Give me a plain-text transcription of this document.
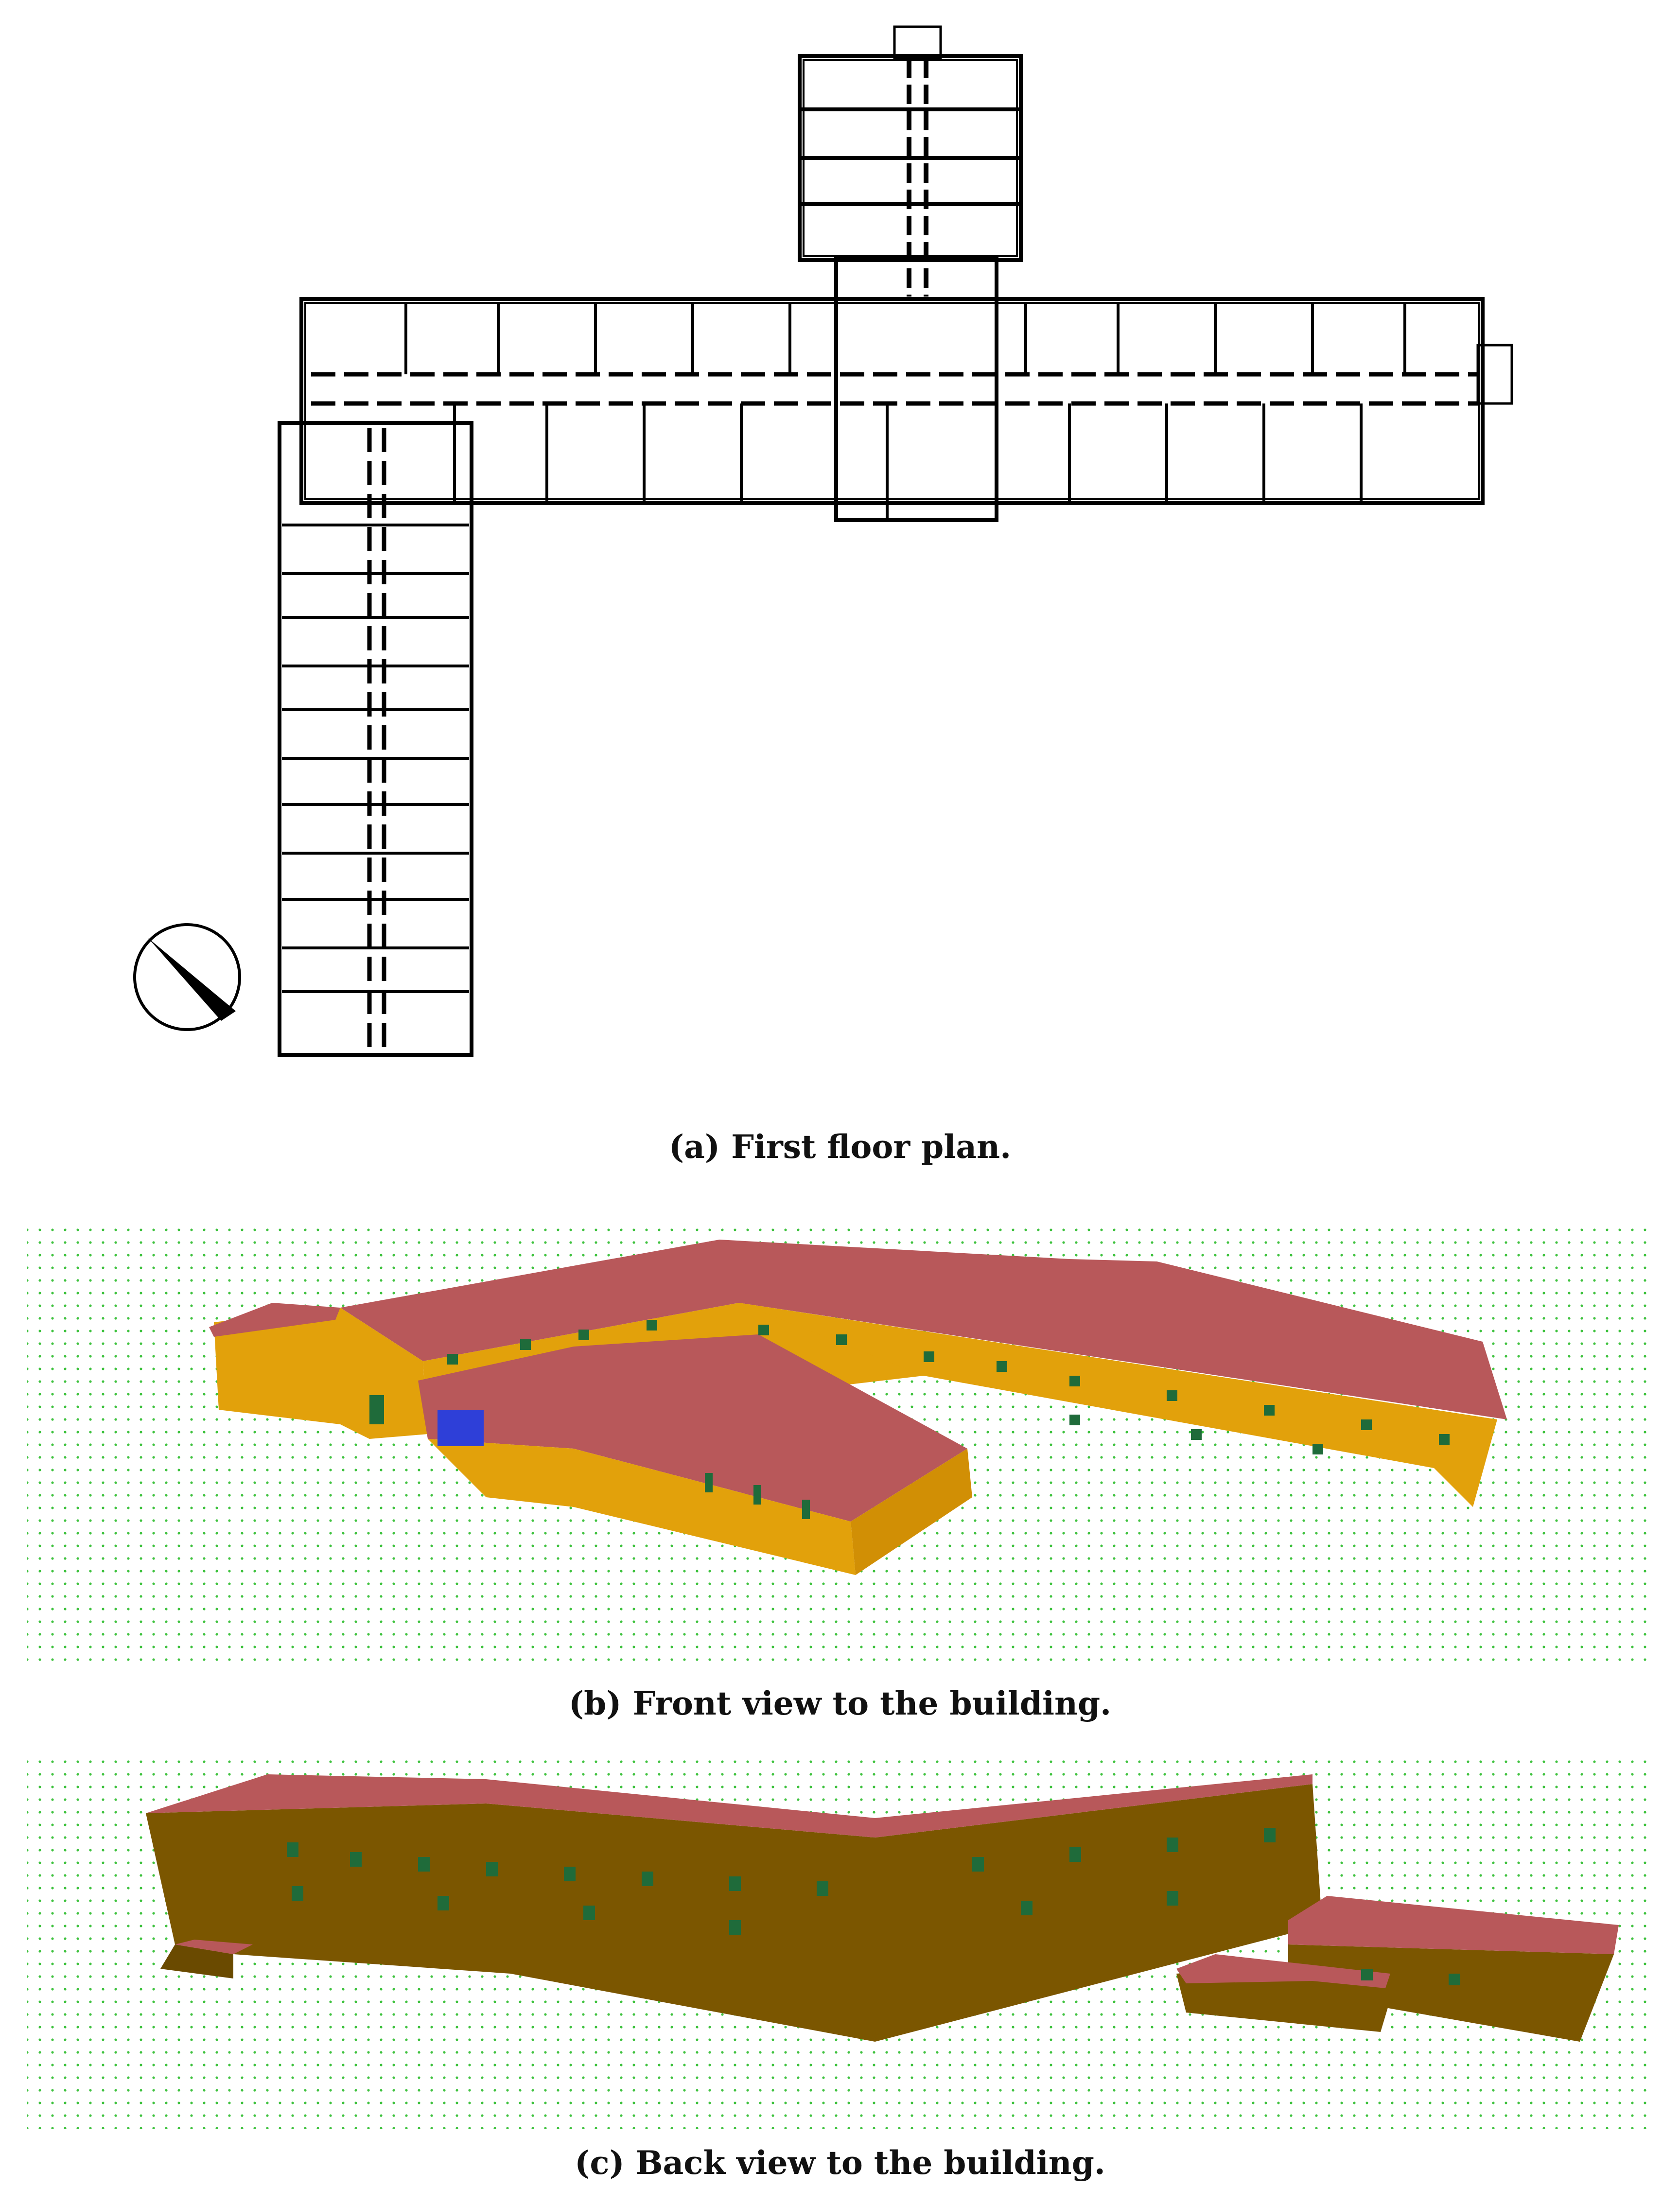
(a) First floor plan.
(b) Front view to the building.
(c) Back view to the building.
